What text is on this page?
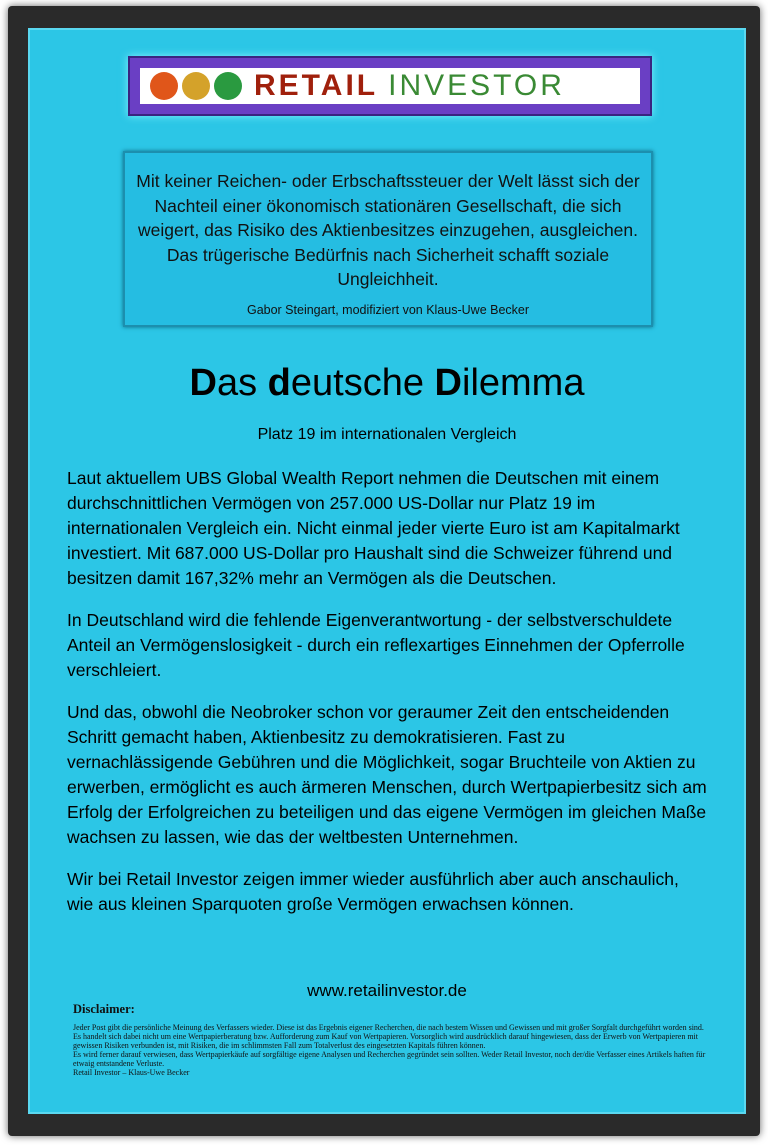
RETAIL INVESTOR

Mit keiner Reichen- oder Erbschaftssteuer der Welt lässt sich der Nachteil einer ökonomisch stationären Gesellschaft, die sich weigert, das Risiko des Aktienbesitzes einzugehen, ausgleichen. Das trügerische Bedürfnis nach Sicherheit schafft soziale Ungleichheit.

Gabor Steingart, modifiziert von Klaus-Uwe Becker

Das deutsche Dilemma
Platz 19 im internationalen Vergleich

Laut aktuellem UBS Global Wealth Report nehmen die Deutschen mit einem durchschnittlichen Vermögen von 257.000 US-Dollar nur Platz 19 im internationalen Vergleich ein. Nicht einmal jeder vierte Euro ist am Kapitalmarkt investiert. Mit 687.000 US-Dollar pro Haushalt sind die Schweizer führend und besitzen damit 167,32% mehr an Vermögen als die Deutschen.

In Deutschland wird die fehlende Eigenverantwortung - der selbstverschuldete Anteil an Vermögenslosigkeit - durch ein reflexartiges Einnehmen der Opferrolle verschleiert.

Und das, obwohl die Neobroker schon vor geraumer Zeit den entscheidenden Schritt gemacht haben, Aktienbesitz zu demokratisieren. Fast zu vernachlässigende Gebühren und die Möglichkeit, sogar Bruchteile von Aktien zu erwerben, ermöglicht es auch ärmeren Menschen, durch Wertpapierbesitz sich am Erfolg der Erfolgreichen zu beteiligen und das eigene Vermögen im gleichen Maße wachsen zu lassen, wie das der weltbesten Unternehmen.

Wir bei Retail Investor zeigen immer wieder ausführlich aber auch anschaulich, wie aus kleinen Sparquoten große Vermögen erwachsen können.

www.retailinvestor.de
Disclaimer:
Jeder Post gibt die persönliche Meinung des Verfassers wieder. Diese ist das Ergebnis eigener Recherchen, die nach bestem Wissen und Gewissen und mit großer Sorgfalt durchgeführt worden sind. Es handelt sich dabei nicht um eine Wertpapierberatung bzw. Aufforderung zum Kauf von Wertpapieren. Vorsorglich wird ausdrücklich darauf hingewiesen, dass der Erwerb von Wertpapieren mit gewissen Risiken verbunden ist, mit Risiken, die im schlimmsten Fall zum Totalverlust des eingesetzten Kapitals führen können.
Es wird ferner darauf verwiesen, dass Wertpapierkäufe auf sorgfältige eigene Analysen und Recherchen gegründet sein sollten. Weder Retail Investor, noch der/die Verfasser eines Artikels haften für etwaig entstandene Verluste.
Retail Investor – Klaus-Uwe Becker
